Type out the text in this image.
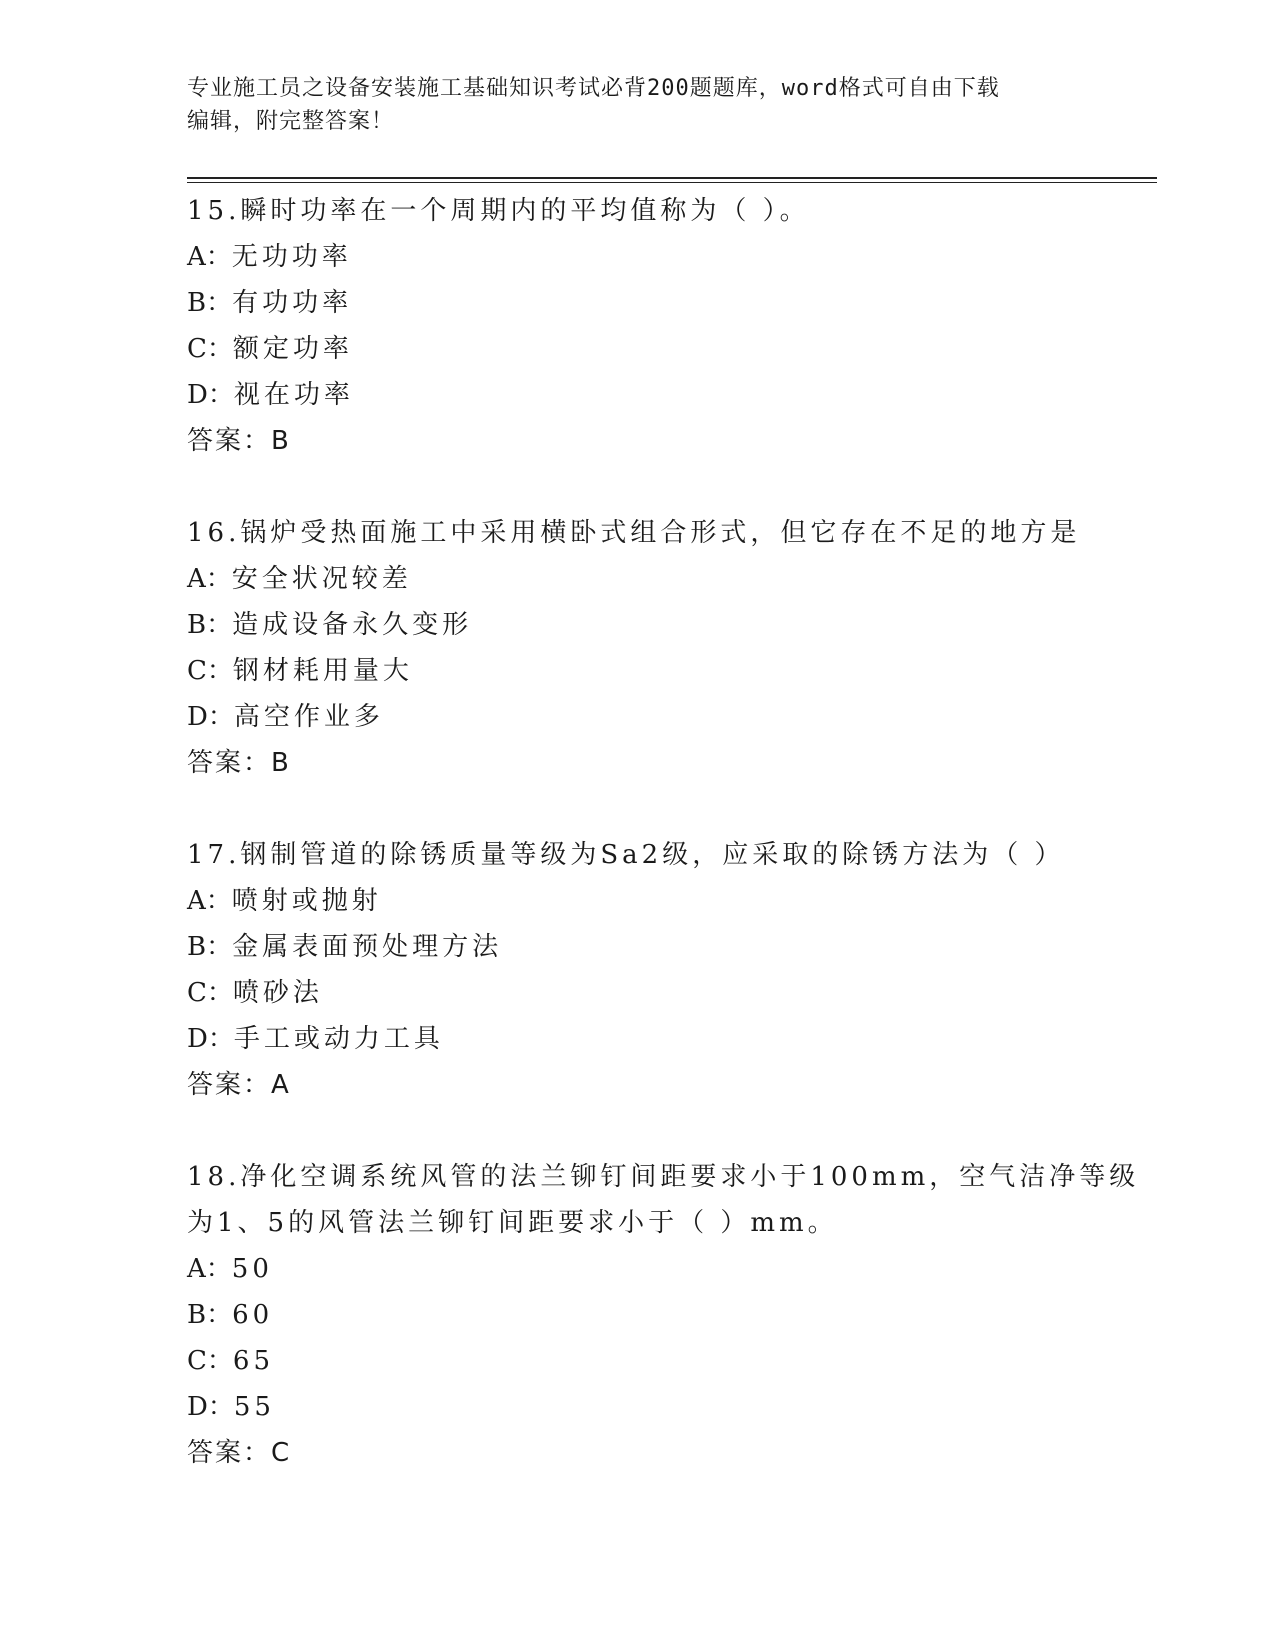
专业施工员之设备安装施工基础知识考试必背200题题库，word格式可自由下载
编辑，附完整答案！
15.瞬时功率在一个周期内的平均值称为（ ）。
A：无功功率
B：有功功率
C：额定功率
D：视在功率
答案：B
16.锅炉受热面施工中采用横卧式组合形式，但它存在不足的地方是
A：安全状况较差
B：造成设备永久变形
C：钢材耗用量大
D：高空作业多
答案：B
17.钢制管道的除锈质量等级为Sa2级，应采取的除锈方法为（ ）
A：喷射或抛射
B：金属表面预处理方法
C：喷砂法
D：手工或动力工具
答案：A
18.净化空调系统风管的法兰铆钉间距要求小于100mm，空气洁净等级
为1、5的风管法兰铆钉间距要求小于（ ）mm。
A：50
B：60
C：65
D：55
答案：C
